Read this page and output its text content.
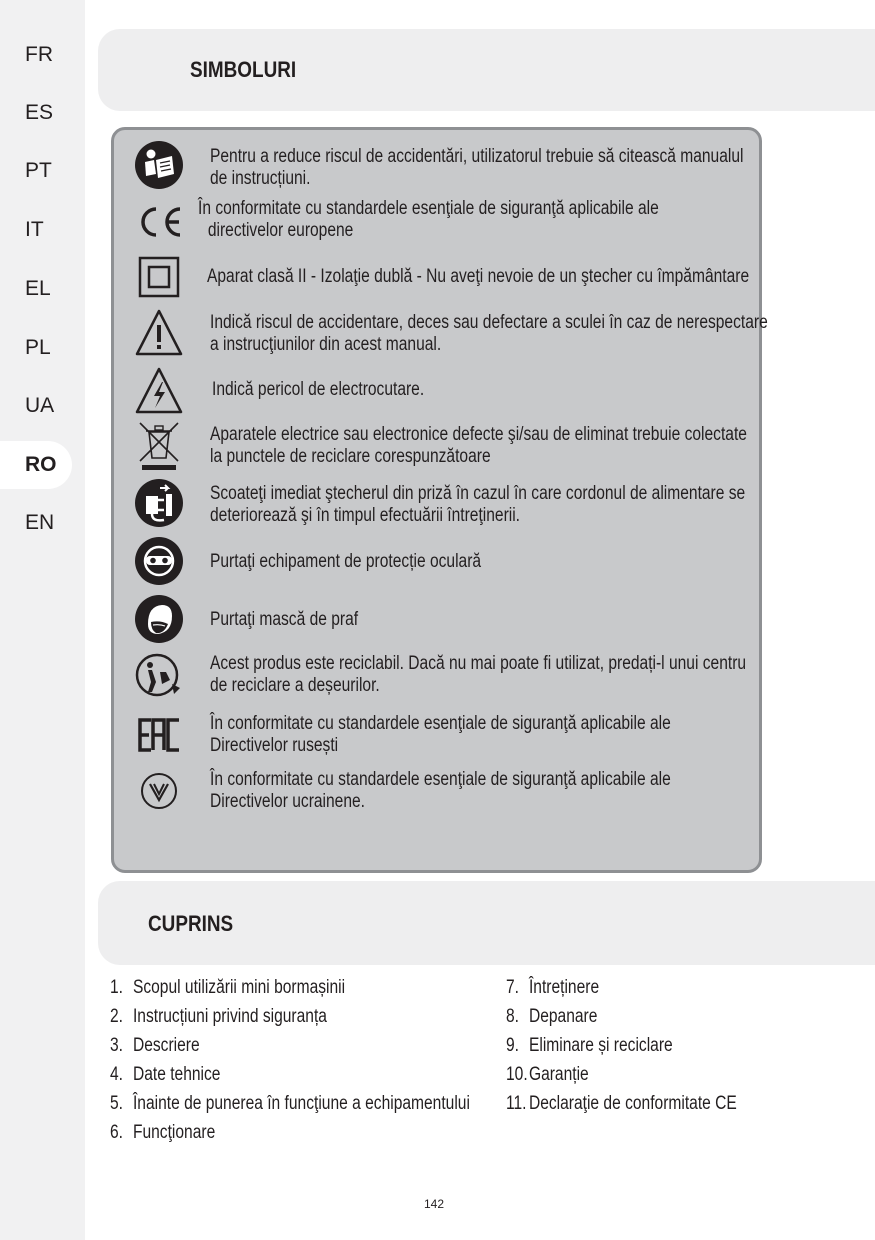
FR
ES
PT
IT
EL
PL
UA
RO
EN
SIMBOLURI
Pentru a reduce riscul de accidentări, utilizatorul trebuie să citească manualul
de instrucțiuni.
În conformitate cu standardele esenţiale de siguranţă aplicabile ale
directivelor europene
Aparat clasă II - Izolaţie dublă - Nu aveţi nevoie de un ştecher cu împământare
Indică riscul de accidentare, deces sau defectare a sculei în caz de nerespectare
a instrucţiunilor din acest manual.
Indică pericol de electrocutare.
Aparatele electrice sau electronice defecte şi/sau de eliminat trebuie colectate
la punctele de reciclare corespunzătoare
Scoateţi imediat ştecherul din priză în cazul în care cordonul de alimentare se
deteriorează şi în timpul efectuării întreţinerii.
Purtaţi echipament de protecție oculară
Purtaţi mască de praf
Acest produs este reciclabil. Dacă nu mai poate fi utilizat, predați-l unui centru
de reciclare a deșeurilor.
În conformitate cu standardele esenţiale de siguranţă aplicabile ale
Directivelor rusești
În conformitate cu standardele esenţiale de siguranţă aplicabile ale
Directivelor ucrainene.
CUPRINS
1. Scopul utilizării mini bormașinii
2. Instrucțiuni privind siguranța
3. Descriere
4. Date tehnice
5. Înainte de punerea în funcţiune a echipamentului
6. Funcţionare
7. Întreținere
8. Depanare
9. Eliminare și reciclare
10.Garanție
11. Declaraţie de conformitate CE
142
